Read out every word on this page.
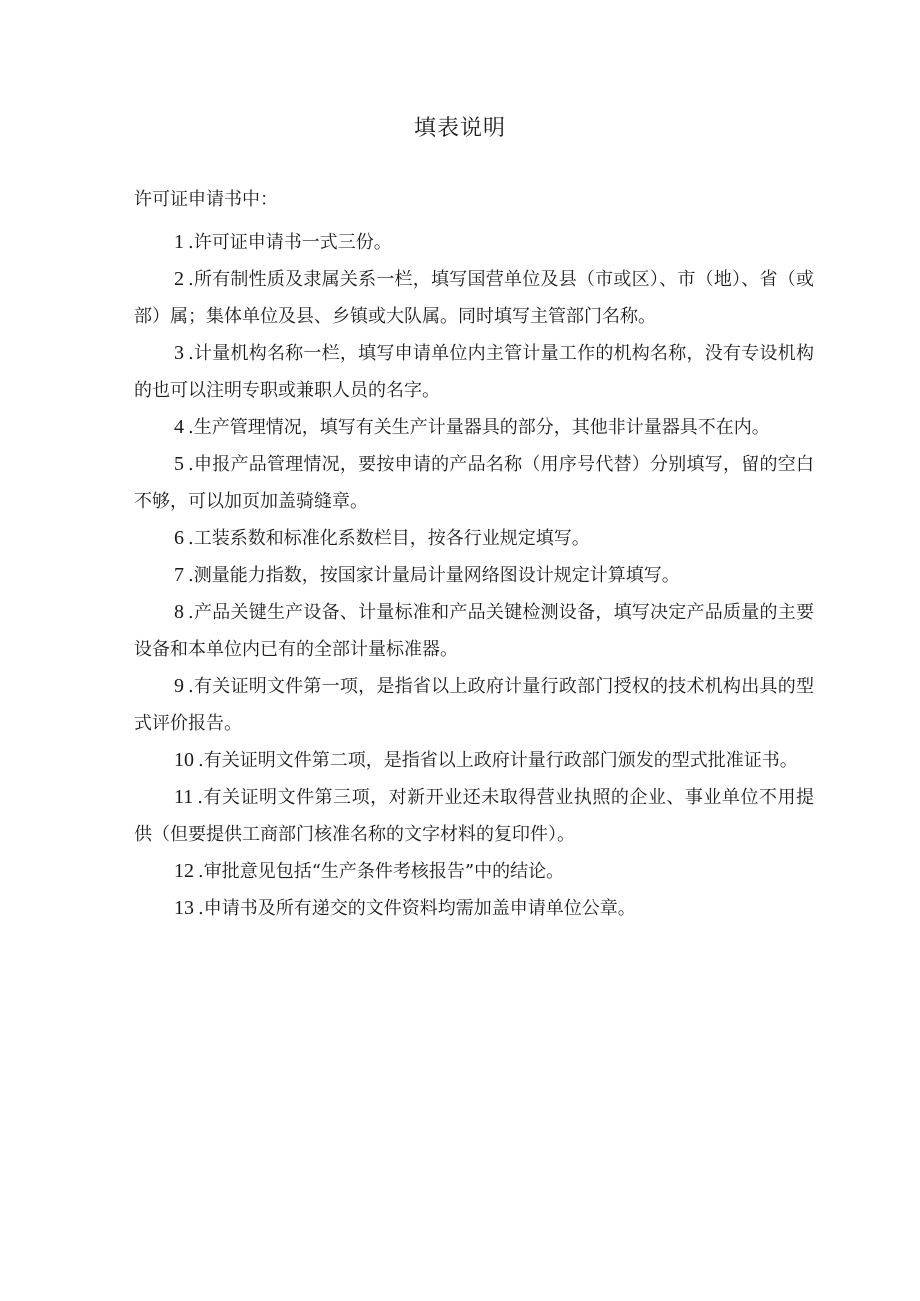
填表说明
许可证申请书中：

1 .许可证申请书一式三份。

2 .所有制性质及隶属关系一栏，填写国营单位及县（市或区）、市（地）、省（或部）属；集体单位及县、乡镇或大队属。同时填写主管部门名称。

3 .计量机构名称一栏，填写申请单位内主管计量工作的机构名称，没有专设机构的也可以注明专职或兼职人员的名字。

4 .生产管理情况，填写有关生产计量器具的部分，其他非计量器具不在内。

5 .申报产品管理情况，要按申请的产品名称（用序号代替）分别填写，留的空白不够，可以加页加盖骑缝章。

6 .工装系数和标准化系数栏目，按各行业规定填写。

7 .测量能力指数，按国家计量局计量网络图设计规定计算填写。

8 .产品关键生产设备、计量标准和产品关键检测设备，填写决定产品质量的主要设备和本单位内已有的全部计量标准器。

9 .有关证明文件第一项，是指省以上政府计量行政部门授权的技术机构出具的型式评价报告。

10 .有关证明文件第二项，是指省以上政府计量行政部门颁发的型式批准证书。

11 .有关证明文件第三项，对新开业还未取得营业执照的企业、事业单位不用提供（但要提供工商部门核准名称的文字材料的复印件）。

12 .审批意见包括“生产条件考核报告”中的结论。

13 .申请书及所有递交的文件资料均需加盖申请单位公章。
